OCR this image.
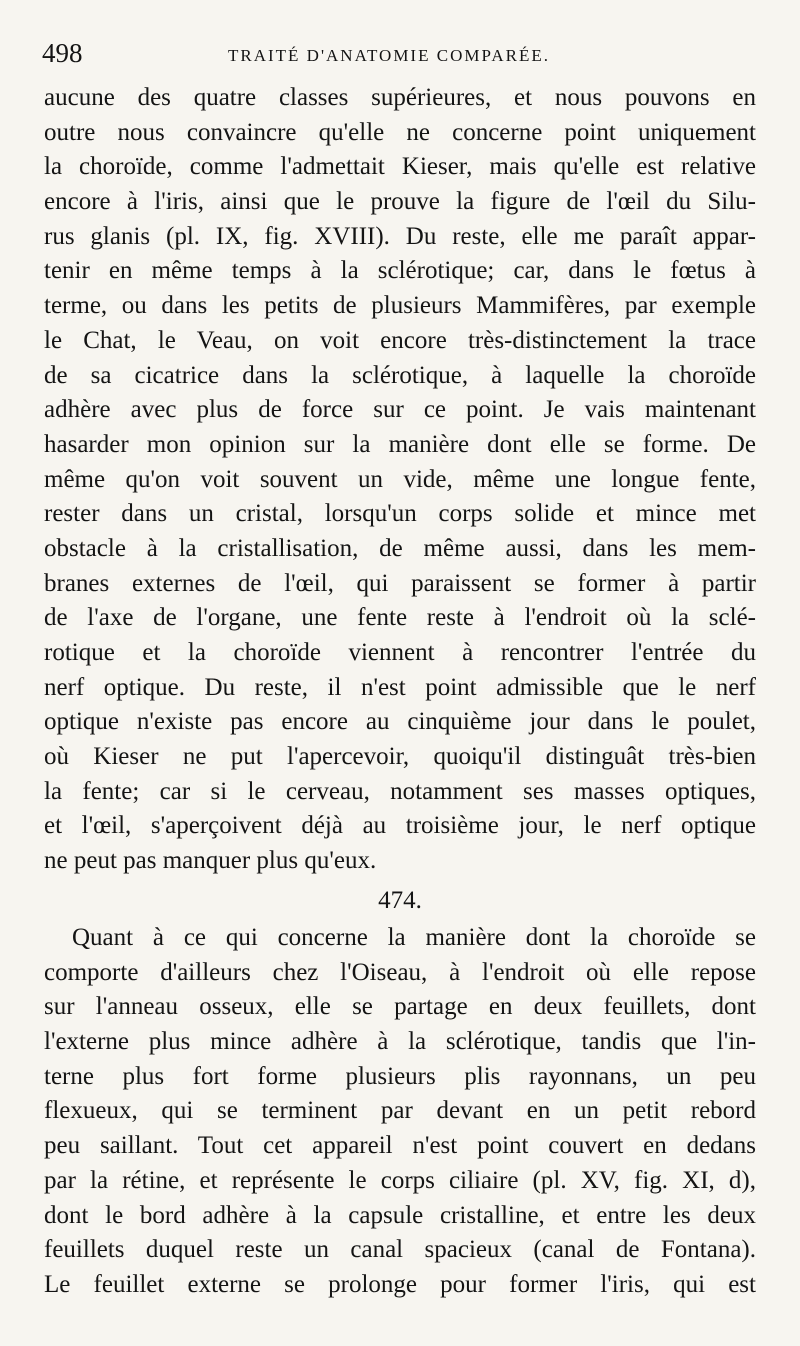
498	TRAITÉ D'ANATOMIE COMPARÉE.
aucune des quatre classes supérieures, et nous pouvons en
outre nous convaincre qu'elle ne concerne point uniquement
la choroïde, comme l'admettait Kieser, mais qu'elle est relative
encore à l'iris, ainsi que le prouve la figure de l'œil du Silu-
rus glanis (pl. IX, fig. XVIII). Du reste, elle me paraît appar-
tenir en même temps à la sclérotique; car, dans le fœtus à
terme, ou dans les petits de plusieurs Mammifères, par exemple
le Chat, le Veau, on voit encore très-distinctement la trace
de sa cicatrice dans la sclérotique, à laquelle la choroïde
adhère avec plus de force sur ce point. Je vais maintenant
hasarder mon opinion sur la manière dont elle se forme. De
même qu'on voit souvent un vide, même une longue fente,
rester dans un cristal, lorsqu'un corps solide et mince met
obstacle à la cristallisation, de même aussi, dans les mem-
branes externes de l'œil, qui paraissent se former à partir
de l'axe de l'organe, une fente reste à l'endroit où la sclé-
rotique et la choroïde viennent à rencontrer l'entrée du
nerf optique. Du reste, il n'est point admissible que le nerf
optique n'existe pas encore au cinquième jour dans le poulet,
où Kieser ne put l'apercevoir, quoiqu'il distinguât très-bien
la fente; car si le cerveau, notamment ses masses optiques,
et l'œil, s'aperçoivent déjà au troisième jour, le nerf optique
ne peut pas manquer plus qu'eux.
474.
Quant à ce qui concerne la manière dont la choroïde se
comporte d'ailleurs chez l'Oiseau, à l'endroit où elle repose
sur l'anneau osseux, elle se partage en deux feuillets, dont
l'externe plus mince adhère à la sclérotique, tandis que l'in-
terne plus fort forme plusieurs plis rayonnans, un peu
flexueux, qui se terminent par devant en un petit rebord
peu saillant. Tout cet appareil n'est point couvert en dedans
par la rétine, et représente le corps ciliaire (pl. XV, fig. XI, d),
dont le bord adhère à la capsule cristalline, et entre les deux
feuillets duquel reste un canal spacieux (canal de Fontana).
Le feuillet externe se prolonge pour former l'iris, qui est
